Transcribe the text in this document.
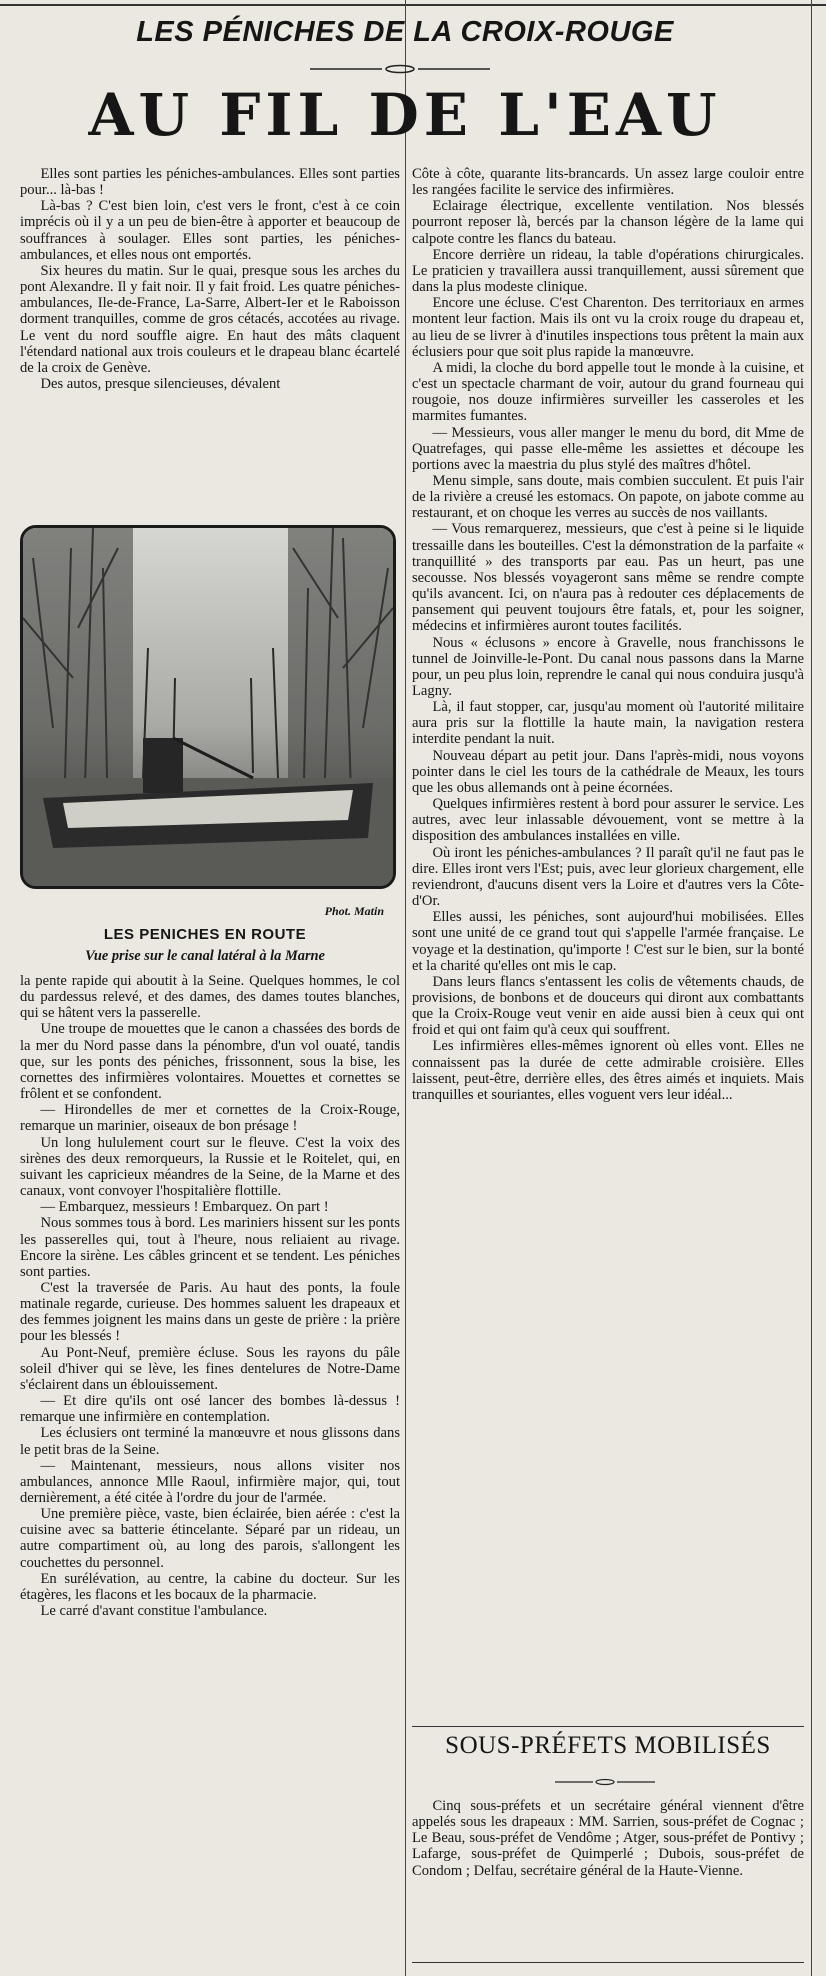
LES PÉNICHES DE LA CROIX-ROUGE
AU FIL DE L'EAU

Elles sont parties les péniches-ambulances. Elles sont parties pour... là-bas !

Là-bas ? C'est bien loin, c'est vers le front, c'est à ce coin imprécis où il y a un peu de bien-être à apporter et beaucoup de souffrances à soulager. Elles sont parties, les péniches-ambulances, et elles nous ont emportés.

Six heures du matin. Sur le quai, presque sous les arches du pont Alexandre. Il y fait noir. Il y fait froid. Les quatre péniches-ambulances, Ile-de-France, La-Sarre, Albert-Ier et le Raboisson dorment tranquilles, comme de gros cétacés, accotées au rivage. Le vent du nord souffle aigre. En haut des mâts claquent l'étendard national aux trois couleurs et le drapeau blanc écartelé de la croix de Genève.

Des autos, presque silencieuses, dévalent

Phot. Matin
LES PENICHES EN ROUTE
Vue prise sur le canal latéral à la Marne

la pente rapide qui aboutit à la Seine. Quelques hommes, le col du pardessus relevé, et des dames, des dames toutes blanches, qui se hâtent vers la passerelle.

Une troupe de mouettes que le canon a chassées des bords de la mer du Nord passe dans la pénombre, d'un vol ouaté, tandis que, sur les ponts des péniches, frissonnent, sous la bise, les cornettes des infirmières volontaires. Mouettes et cornettes se frôlent et se confondent.

— Hirondelles de mer et cornettes de la Croix-Rouge, remarque un marinier, oiseaux de bon présage !

Un long hululement court sur le fleuve. C'est la voix des sirènes des deux remorqueurs, la Russie et le Roitelet, qui, en suivant les capricieux méandres de la Seine, de la Marne et des canaux, vont convoyer l'hospitalière flottille.

— Embarquez, messieurs ! Embarquez. On part !

Nous sommes tous à bord. Les mariniers hissent sur les ponts les passerelles qui, tout à l'heure, nous reliaient au rivage. Encore la sirène. Les câbles grincent et se tendent. Les péniches sont parties.

C'est la traversée de Paris. Au haut des ponts, la foule matinale regarde, curieuse. Des hommes saluent les drapeaux et des femmes joignent les mains dans un geste de prière : la prière pour les blessés !

Au Pont-Neuf, première écluse. Sous les rayons du pâle soleil d'hiver qui se lève, les fines dentelures de Notre-Dame s'éclairent dans un éblouissement.

— Et dire qu'ils ont osé lancer des bombes là-dessus ! remarque une infirmière en contemplation.

Les éclusiers ont terminé la manœuvre et nous glissons dans le petit bras de la Seine.

— Maintenant, messieurs, nous allons visiter nos ambulances, annonce Mlle Raoul, infirmière major, qui, tout dernièrement, a été citée à l'ordre du jour de l'armée.

Une première pièce, vaste, bien éclairée, bien aérée : c'est la cuisine avec sa batterie étincelante. Séparé par un rideau, un autre compartiment où, au long des parois, s'allongent les couchettes du personnel.

En surélévation, au centre, la cabine du docteur. Sur les étagères, les flacons et les bocaux de la pharmacie.

Le carré d'avant constitue l'ambulance.

Côte à côte, quarante lits-brancards. Un assez large couloir entre les rangées facilite le service des infirmières.

Eclairage électrique, excellente ventilation. Nos blessés pourront reposer là, bercés par la chanson légère de la lame qui calpote contre les flancs du bateau.

Encore derrière un rideau, la table d'opérations chirurgicales. Le praticien y travaillera aussi tranquillement, aussi sûrement que dans la plus modeste clinique.

Encore une écluse. C'est Charenton. Des territoriaux en armes montent leur faction. Mais ils ont vu la croix rouge du drapeau et, au lieu de se livrer à d'inutiles inspections tous prêtent la main aux éclusiers pour que soit plus rapide la manœuvre.

A midi, la cloche du bord appelle tout le monde à la cuisine, et c'est un spectacle charmant de voir, autour du grand fourneau qui rougoie, nos douze infirmières surveiller les casseroles et les marmites fumantes.

— Messieurs, vous aller manger le menu du bord, dit Mme de Quatrefages, qui passe elle-même les assiettes et découpe les portions avec la maestria du plus stylé des maîtres d'hôtel.

Menu simple, sans doute, mais combien succulent. Et puis l'air de la rivière a creusé les estomacs. On papote, on jabote comme au restaurant, et on choque les verres au succès de nos vaillants.

— Vous remarquerez, messieurs, que c'est à peine si le liquide tressaille dans les bouteilles. C'est la démonstration de la parfaite « tranquillité » des transports par eau. Pas un heurt, pas une secousse. Nos blessés voyageront sans même se rendre compte qu'ils avancent. Ici, on n'aura pas à redouter ces déplacements de pansement qui peuvent toujours être fatals, et, pour les soigner, médecins et infirmières auront toutes facilités.

Nous « éclusons » encore à Gravelle, nous franchissons le tunnel de Joinville-le-Pont. Du canal nous passons dans la Marne pour, un peu plus loin, reprendre le canal qui nous conduira jusqu'à Lagny.

Là, il faut stopper, car, jusqu'au moment où l'autorité militaire aura pris sur la flottille la haute main, la navigation restera interdite pendant la nuit.

Nouveau départ au petit jour. Dans l'après-midi, nous voyons pointer dans le ciel les tours de la cathédrale de Meaux, les tours que les obus allemands ont à peine écornées.

Quelques infirmières restent à bord pour assurer le service. Les autres, avec leur inlassable dévouement, vont se mettre à la disposition des ambulances installées en ville.

Où iront les péniches-ambulances ? Il paraît qu'il ne faut pas le dire. Elles iront vers l'Est; puis, avec leur glorieux chargement, elle reviendront, d'aucuns disent vers la Loire et d'autres vers la Côte-d'Or.

Elles aussi, les péniches, sont aujourd'hui mobilisées. Elles sont une unité de ce grand tout qui s'appelle l'armée française. Le voyage et la destination, qu'importe ! C'est sur le bien, sur la bonté et la charité qu'elles ont mis le cap.

Dans leurs flancs s'entassent les colis de vêtements chauds, de provisions, de bonbons et de douceurs qui diront aux combattants que la Croix-Rouge veut venir en aide aussi bien à ceux qui ont froid et qui ont faim qu'à ceux qui souffrent.

Les infirmières elles-mêmes ignorent où elles vont. Elles ne connaissent pas la durée de cette admirable croisière. Elles laissent, peut-être, derrière elles, des êtres aimés et inquiets. Mais tranquilles et souriantes, elles voguent vers leur idéal...

SOUS-PRÉFETS MOBILISÉS

Cinq sous-préfets et un secrétaire général viennent d'être appelés sous les drapeaux : MM. Sarrien, sous-préfet de Cognac ; Le Beau, sous-préfet de Vendôme ; Atger, sous-préfet de Pontivy ; Lafarge, sous-préfet de Quimperlé ; Dubois, sous-préfet de Condom ; Delfau, secrétaire général de la Haute-Vienne.
